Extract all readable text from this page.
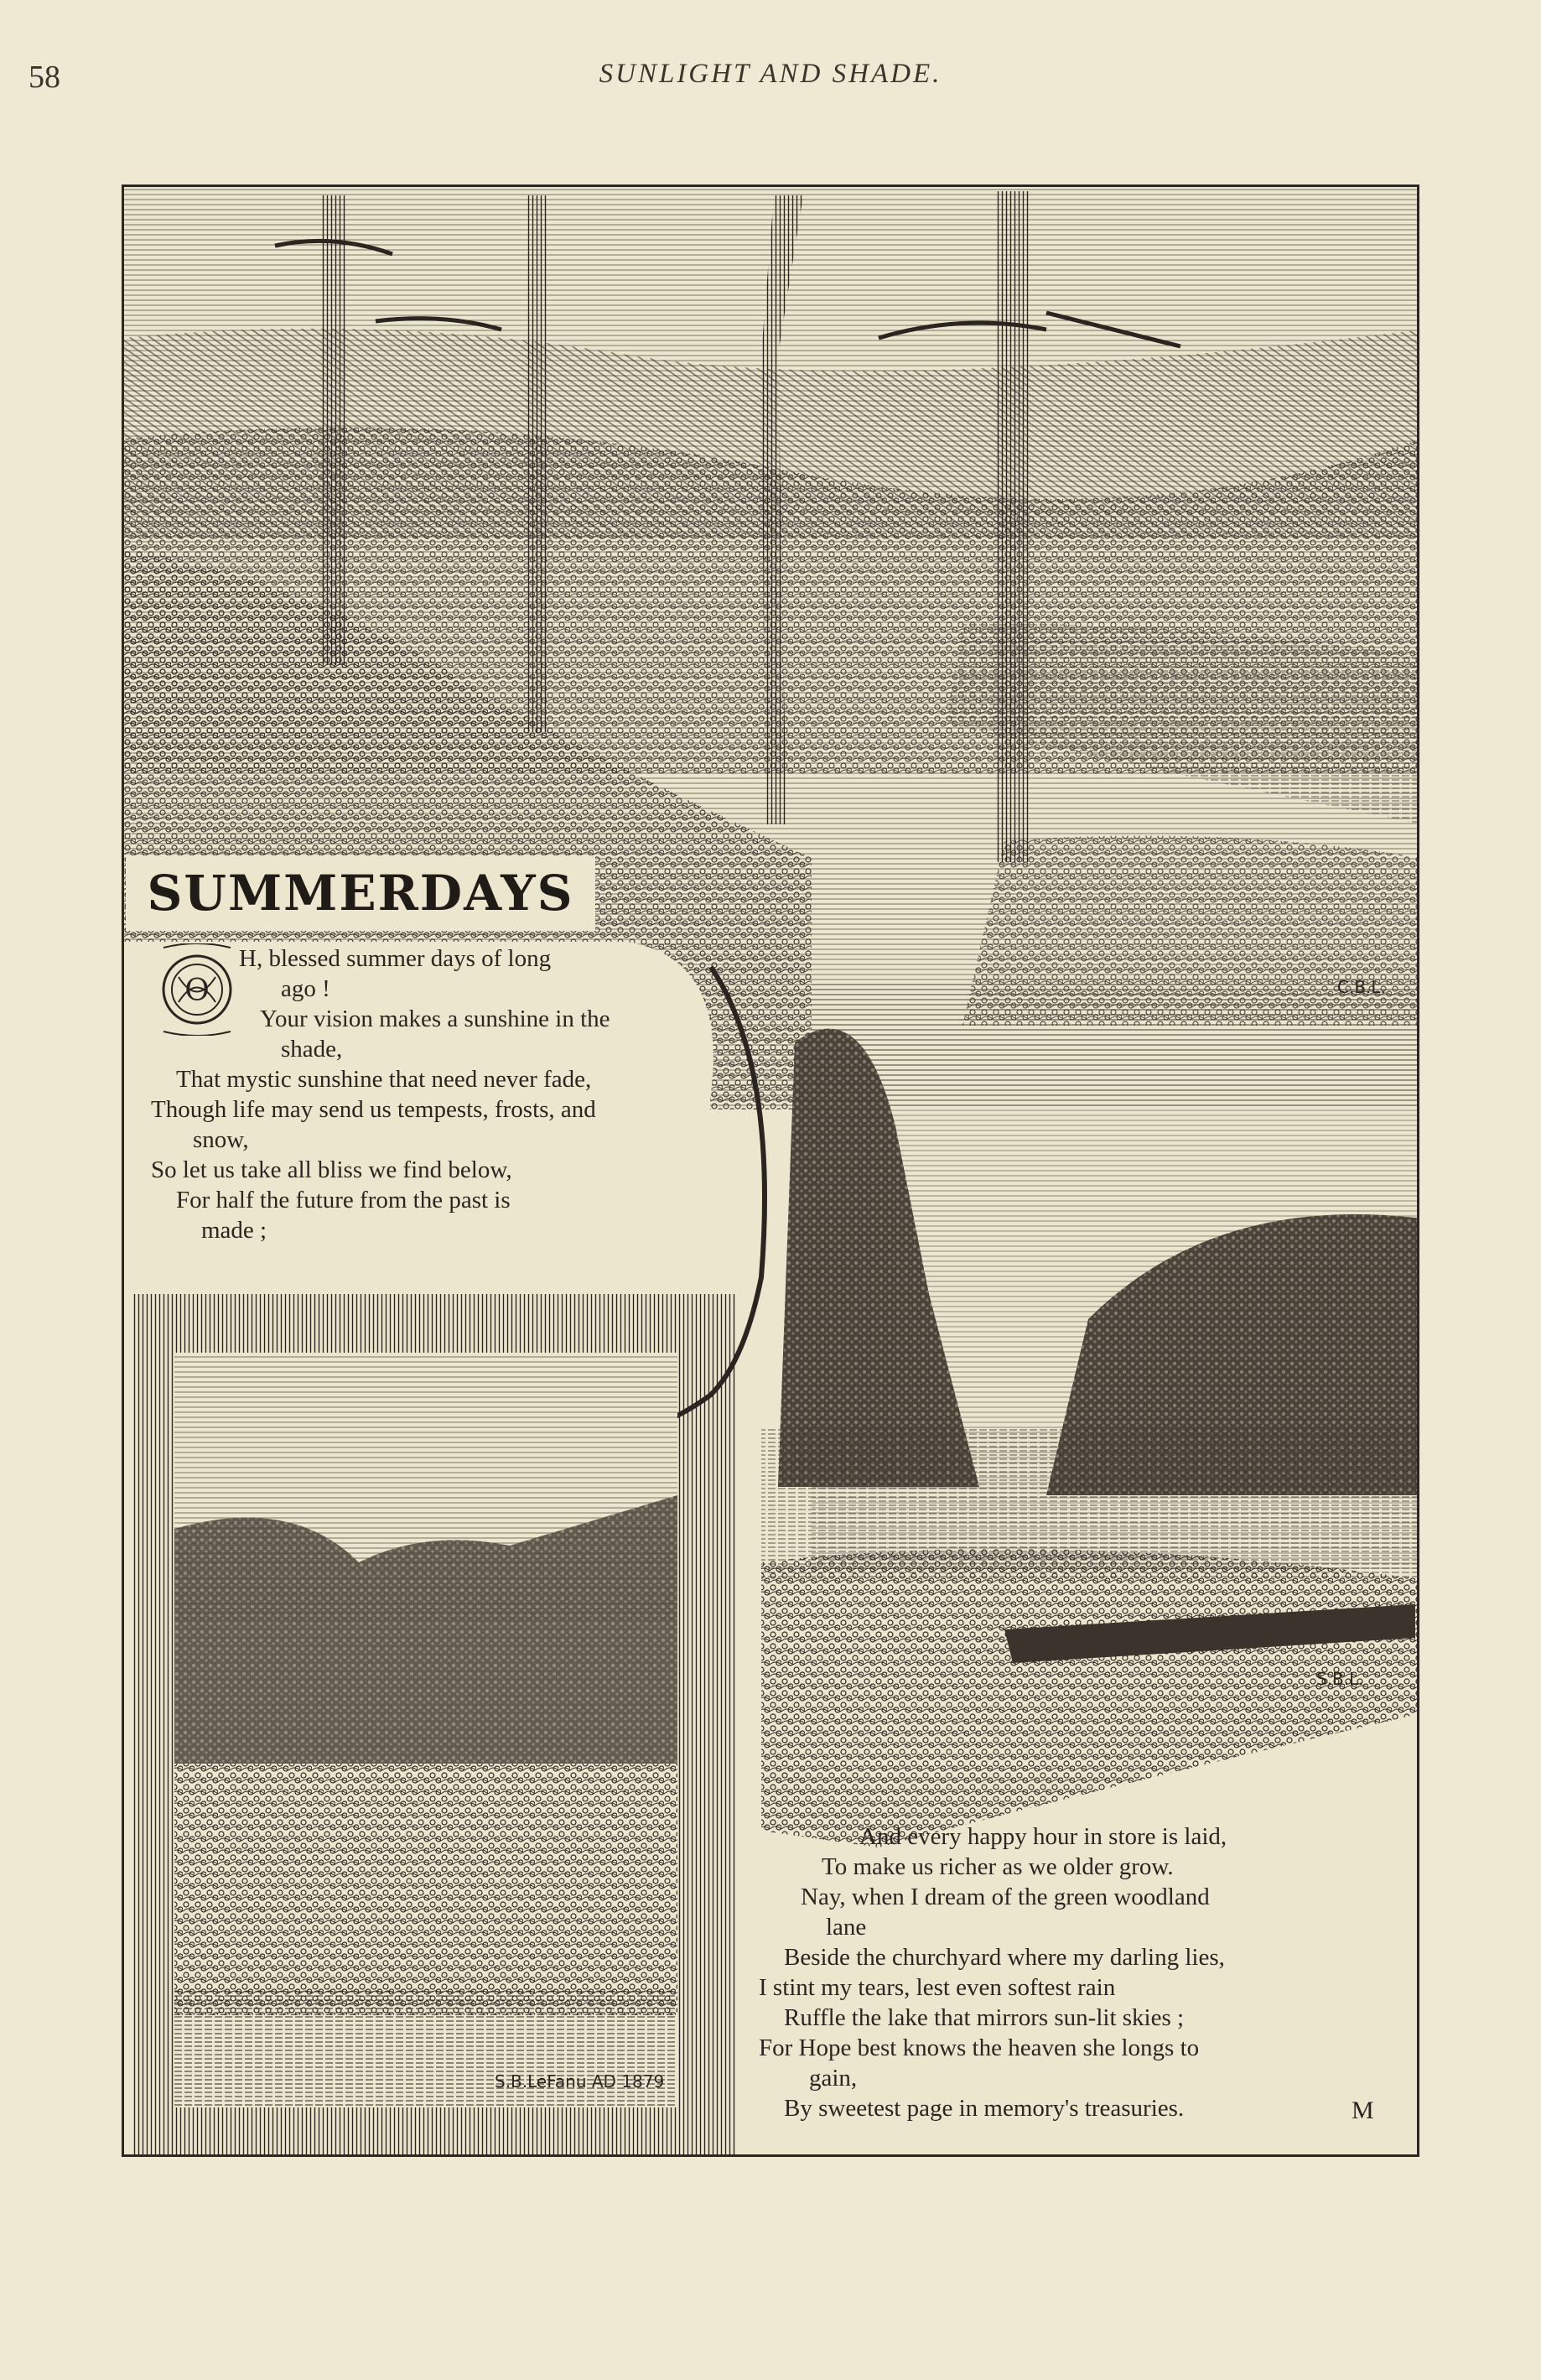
58	SUNLIGHT AND SHADE.
SUMMERDAYS
O
H, blessed summer days of long
ago !
Your vision makes a sunshine in the
shade,
That mystic sunshine that need never fade,
Though life may send us tempests, frosts, and
snow,
So let us take all bliss we find below,
For half the future from the past is
made ;
And every happy hour in store is laid,
To make us richer as we older grow.
Nay, when I dream of the green woodland
lane
Beside the churchyard where my darling lies,
I stint my tears, lest even softest rain
Ruffle the lake that mirrors sun-lit skies ;
For Hope best knows the heaven she longs to
gain,
By sweetest page in memory's treasuries.	M
C.B.L.
S.B.L.
S.B.LeFanu AD 1879
